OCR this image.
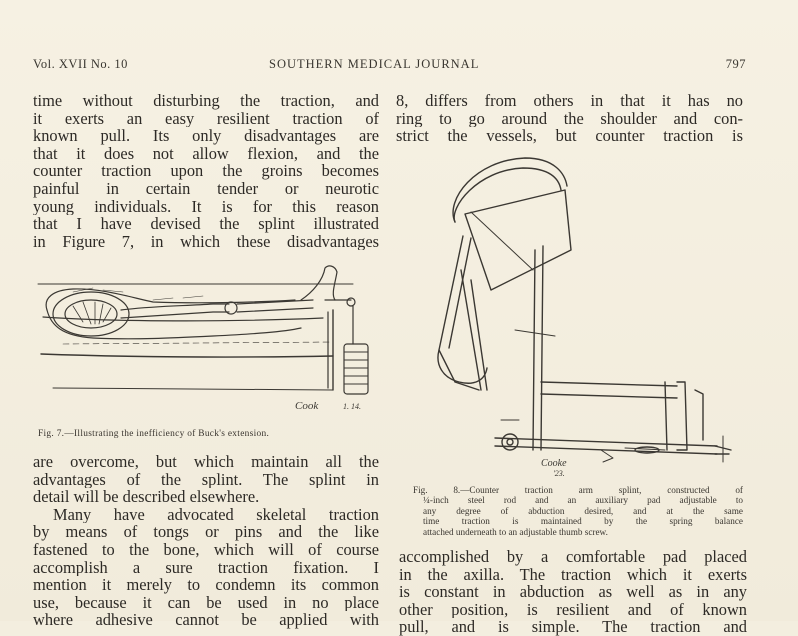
Vol. XVII No. 10	SOUTHERN MEDICAL JOURNAL	797
time without disturbing the traction, and
it exerts an easy resilient traction of
known pull. Its only disadvantages are
that it does not allow flexion, and the
counter traction upon the groins becomes
painful in certain tender or neurotic
young individuals. It is for this reason
that I have devised the splint illustrated
in Figure 7, in which these disadvantages
Cook	1. 14.
Fig. 7.—Illustrating the inefficiency of Buck's extension.
are overcome, but which maintain all the
advantages of the splint. The splint in
detail will be described elsewhere.
Many have advocated skeletal traction
by means of tongs or pins and the like
fastened to the bone, which will of course
accomplish a sure traction fixation. I
mention it merely to condemn its common
use, because it can be used in no place
where adhesive cannot be applied with
8, differs from others in that it has no
ring to go around the shoulder and con-
strict the vessels, but counter traction is
Cooke
'23.
Fig. 8.—Counter traction arm splint, constructed of
¼-inch steel rod and an auxiliary pad adjustable to
any degree of abduction desired, and at the same
time traction is maintained by the spring balance
attached underneath to an adjustable thumb screw.
accomplished by a comfortable pad placed
in the axilla. The traction which it exerts
is constant in abduction as well as in any
other position, is resilient and of known
pull, and is simple. The traction and
